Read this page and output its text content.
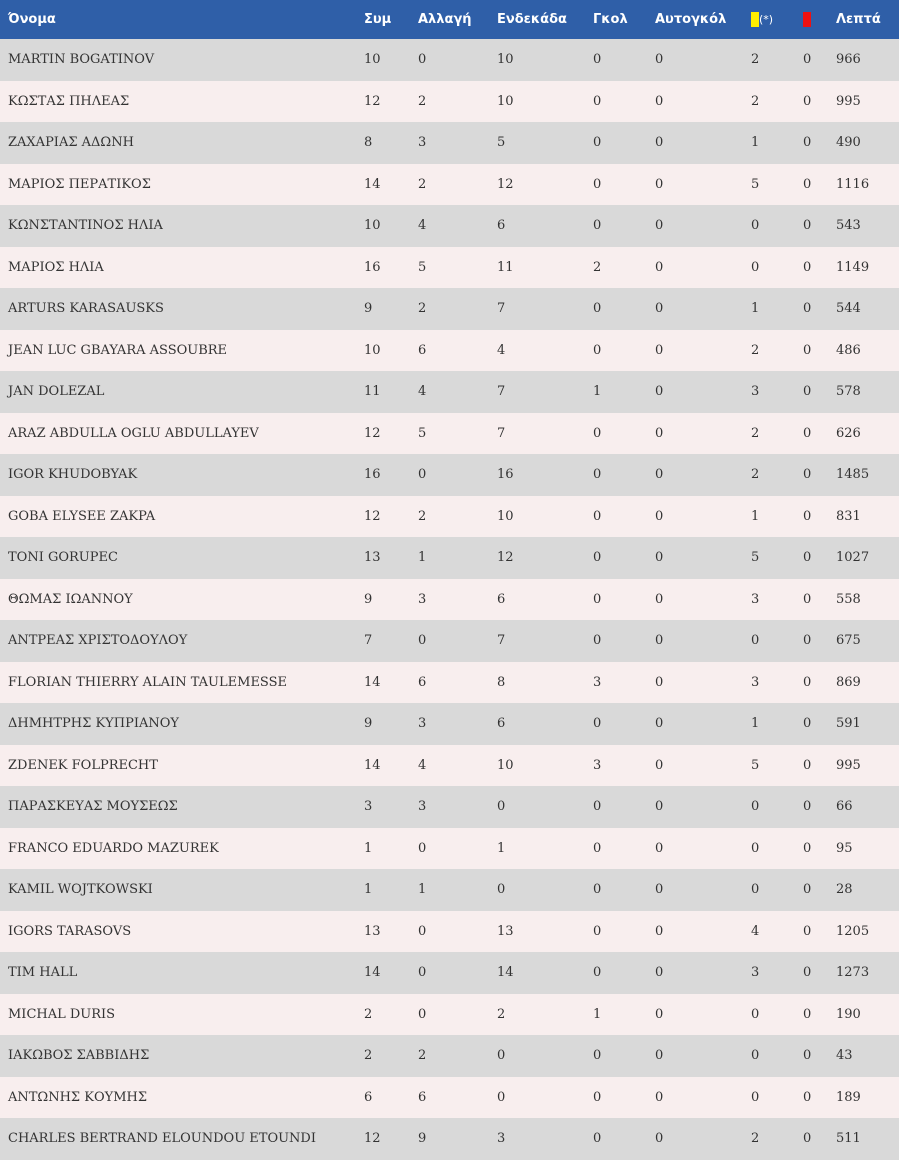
Όνομα	Συμ	Αλλαγή	Ενδεκάδα	Γκολ	Αυτογκόλ	(*)		Λεπτά
MARTIN BOGATINOV	10	0	10	0	0	2	0	966
ΚΩΣΤΑΣ ΠΗΛΕΑΣ	12	2	10	0	0	2	0	995
ΖΑΧΑΡΙΑΣ ΑΔΩΝΗ	8	3	5	0	0	1	0	490
ΜΑΡΙΟΣ ΠΕΡΑΤΙΚΟΣ	14	2	12	0	0	5	0	1116
ΚΩΝΣΤΑΝΤΙΝΟΣ ΗΛΙΑ	10	4	6	0	0	0	0	543
ΜΑΡΙΟΣ ΗΛΙΑ	16	5	11	2	0	0	0	1149
ARTURS KARASAUSKS	9	2	7	0	0	1	0	544
JEAN LUC GBAYARA ASSOUBRE	10	6	4	0	0	2	0	486
JAN DOLEZAL	11	4	7	1	0	3	0	578
ARAZ ABDULLA OGLU ABDULLAYEV	12	5	7	0	0	2	0	626
IGOR KHUDOBYAK	16	0	16	0	0	2	0	1485
GOBA ELYSEE ZAKPA	12	2	10	0	0	1	0	831
TONI GORUPEC	13	1	12	0	0	5	0	1027
ΘΩΜΑΣ ΙΩΑΝΝΟΥ	9	3	6	0	0	3	0	558
ΑΝΤΡΕΑΣ ΧΡΙΣΤΟΔΟΥΛΟΥ	7	0	7	0	0	0	0	675
FLORIAN THIERRY ALAIN TAULEMESSE	14	6	8	3	0	3	0	869
ΔΗΜΗΤΡΗΣ ΚΥΠΡΙΑΝΟΥ	9	3	6	0	0	1	0	591
ZDENEK FOLPRECHT	14	4	10	3	0	5	0	995
ΠΑΡΑΣΚΕΥΑΣ ΜΟΥΣΕΩΣ	3	3	0	0	0	0	0	66
FRANCO EDUARDO MAZUREK	1	0	1	0	0	0	0	95
KAMIL WOJTKOWSKI	1	1	0	0	0	0	0	28
IGORS TARASOVS	13	0	13	0	0	4	0	1205
TIM HALL	14	0	14	0	0	3	0	1273
MICHAL DURIS	2	0	2	1	0	0	0	190
ΙΑΚΩΒΟΣ ΣΑΒΒΙΔΗΣ	2	2	0	0	0	0	0	43
ΑΝΤΩΝΗΣ ΚΟΥΜΗΣ	6	6	0	0	0	0	0	189
CHARLES BERTRAND ELOUNDOU ETOUNDI	12	9	3	0	0	2	0	511
